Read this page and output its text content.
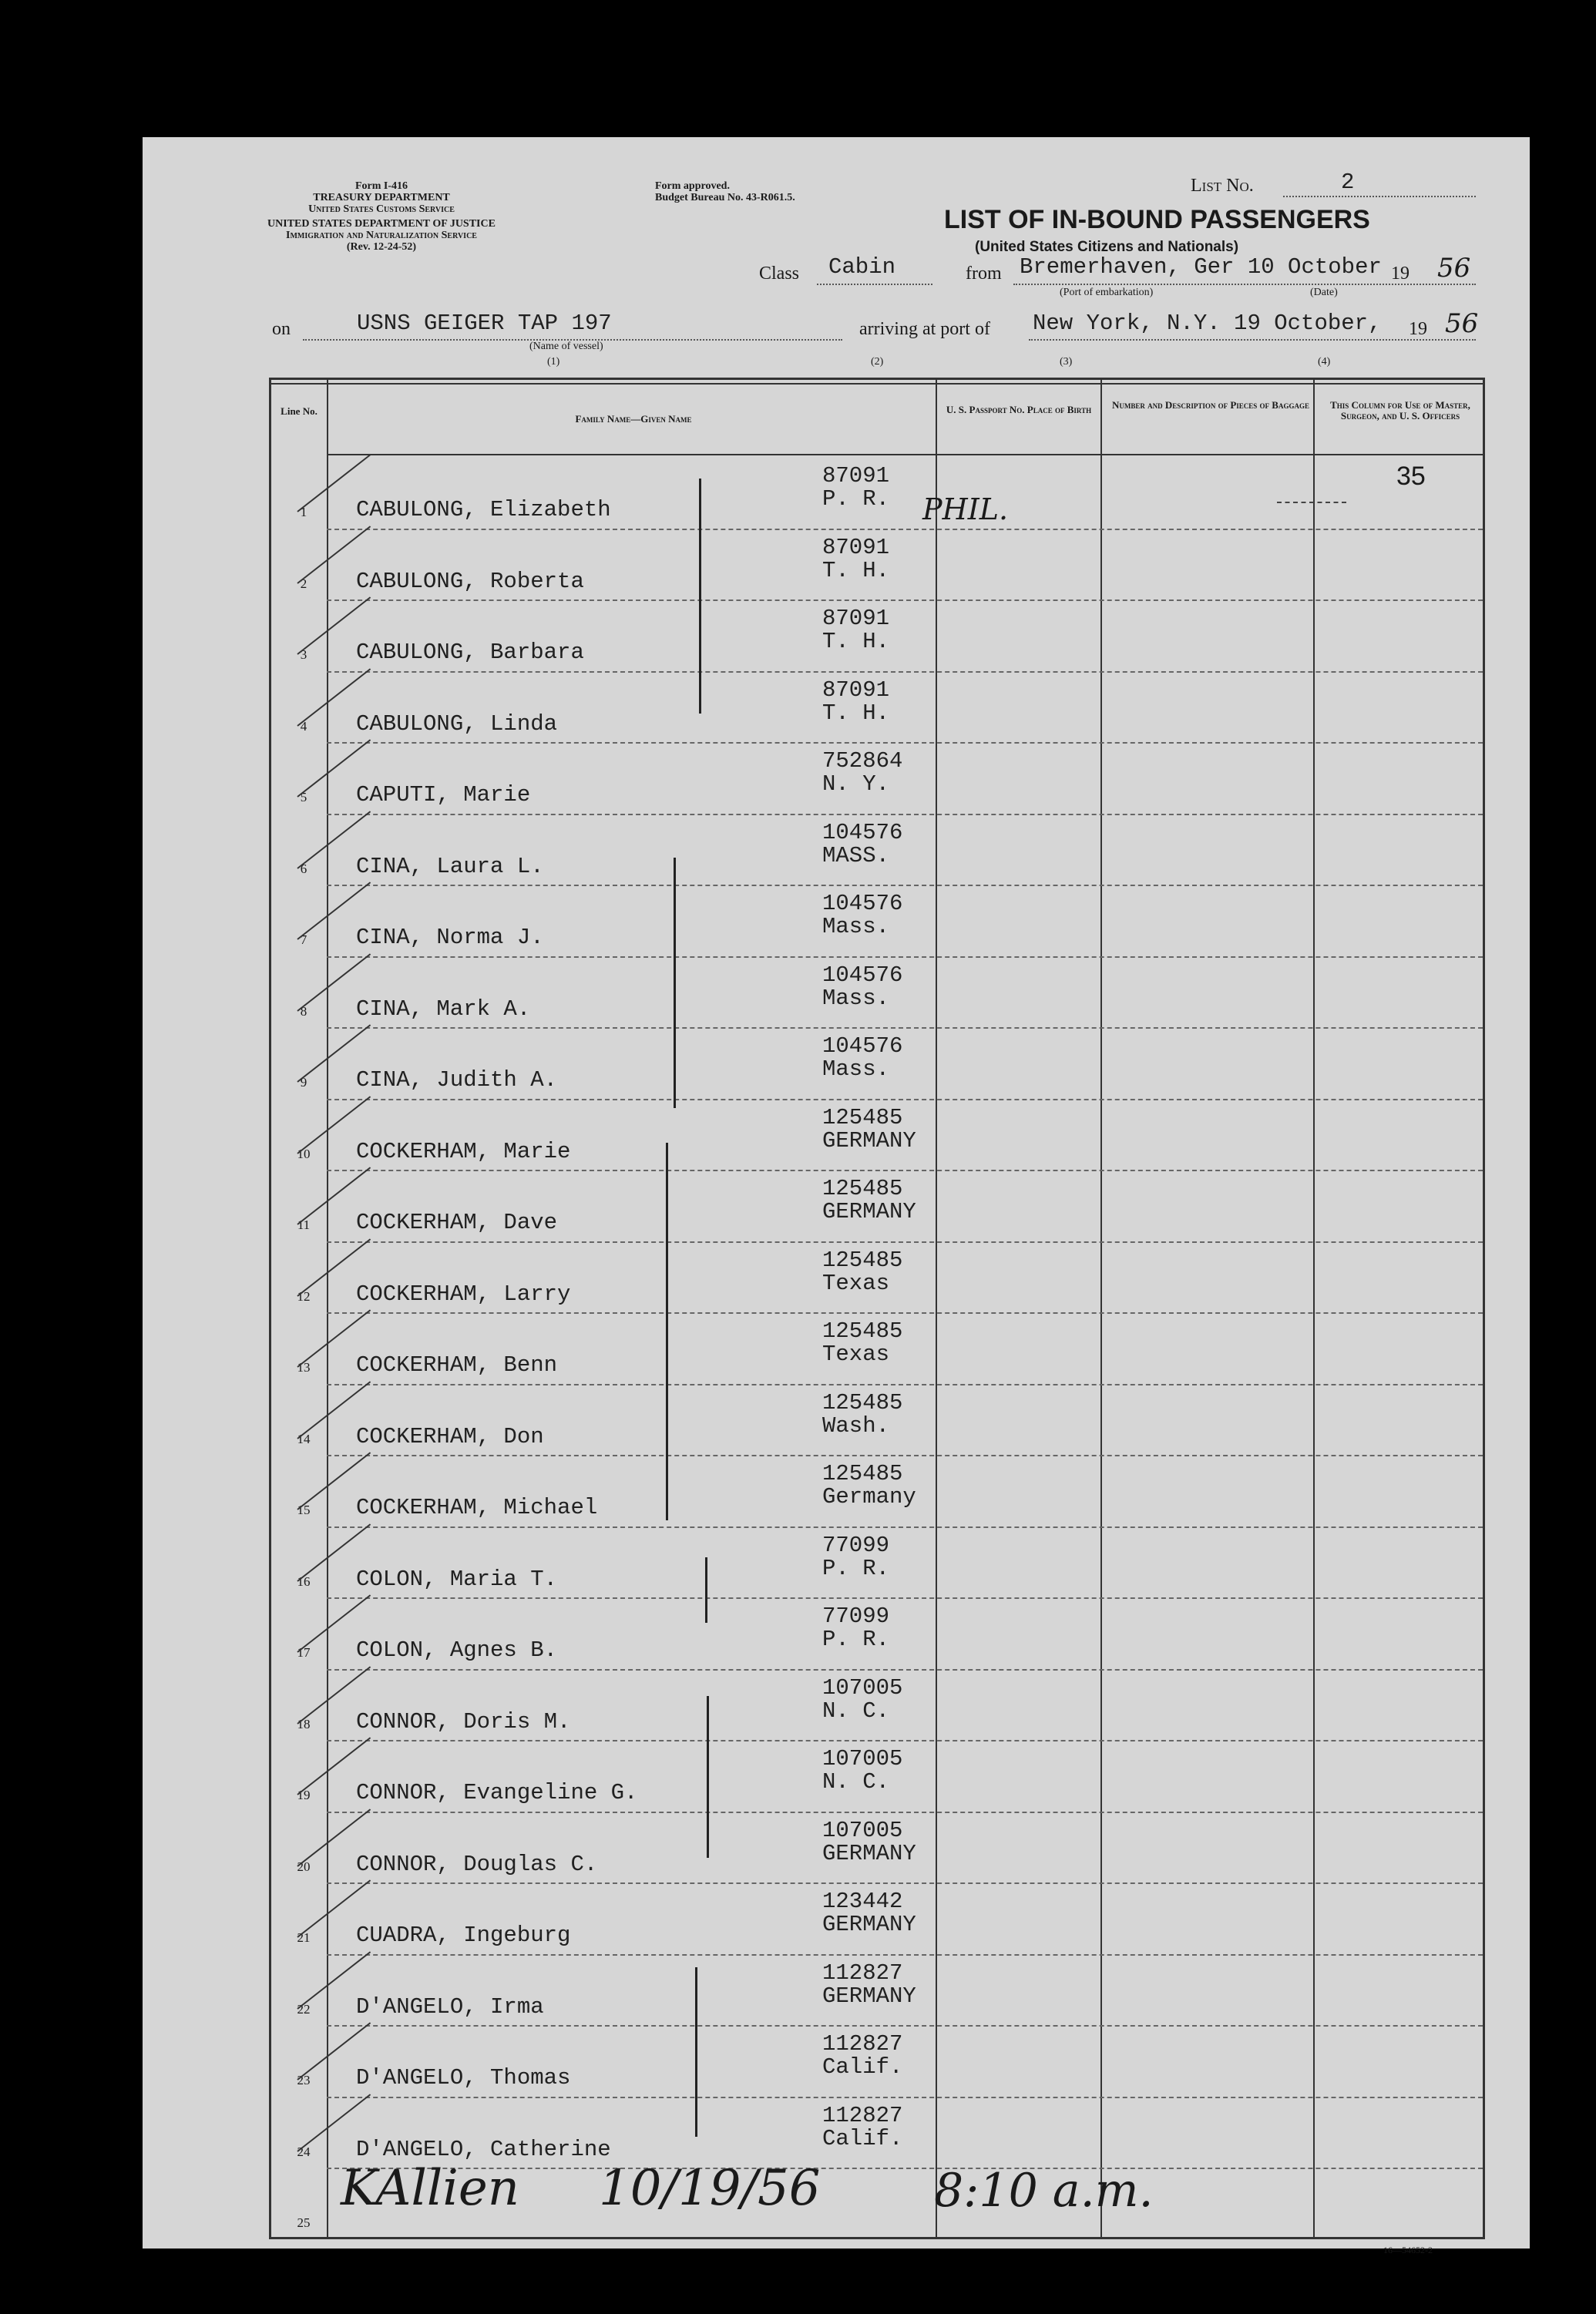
Form I-416
TREASURY DEPARTMENT
United States Customs Service
UNITED STATES DEPARTMENT OF JUSTICE
Immigration and Naturalization Service
(Rev. 12-24-52)
Form approved.
Budget Bureau No. 43-R061.5.
List No.	2
LIST OF IN-BOUND PASSENGERS
(United States Citizens and Nationals)
Class Cabin	from Bremerhaven, Ger 10 October 19 56
(Port of embarkation)	(Date)
on	USNS GEIGER TAP 197
(Name of vessel)
arriving at port of New York, N.Y. 19 October, 19 56
(1)	(2)	(3)	(4)
Line No.
Family Name—Given Name
U. S. Passport No. Place of Birth	Number and Description of Pieces of Baggage	This Column for Use of Master, Surgeon, and U. S. Officers
35
1 CABULONG, Elizabeth
87091
P. R. PHIL.
2 CABULONG, Roberta
87091
T. H.
3 CABULONG, Barbara
87091
T. H.
4 CABULONG, Linda
87091
T. H.
5 CAPUTI, Marie
752864
N. Y.
6 CINA, Laura L.
104576
MASS.
7 CINA, Norma J.
104576
Mass.
8 CINA, Mark A.
104576
Mass.
9 CINA, Judith A.
104576
Mass.
10 COCKERHAM, Marie
125485
GERMANY
11 COCKERHAM, Dave
125485
GERMANY
12 COCKERHAM, Larry
125485
Texas
13 COCKERHAM, Benn
125485
Texas
14 COCKERHAM, Don
125485
Wash.
15 COCKERHAM, Michael
125485
Germany
16 COLON, Maria T.
77099
P. R.
17 COLON, Agnes B.
77099
P. R.
18 CONNOR, Doris M.
107005
N. C.
19 CONNOR, Evangeline G.
107005
N. C.
20 CONNOR, Douglas C.
107005
GERMANY
21 CUADRA, Ingeburg
123442
GERMANY
22 D'ANGELO, Irma
112827
GERMANY
23 D'ANGELO, Thomas
112827
Calif.
24 D'ANGELO, Catherine
112827
Calif.
25
KAllien 10/19/56 8:10 a.m.
16—54652-2
